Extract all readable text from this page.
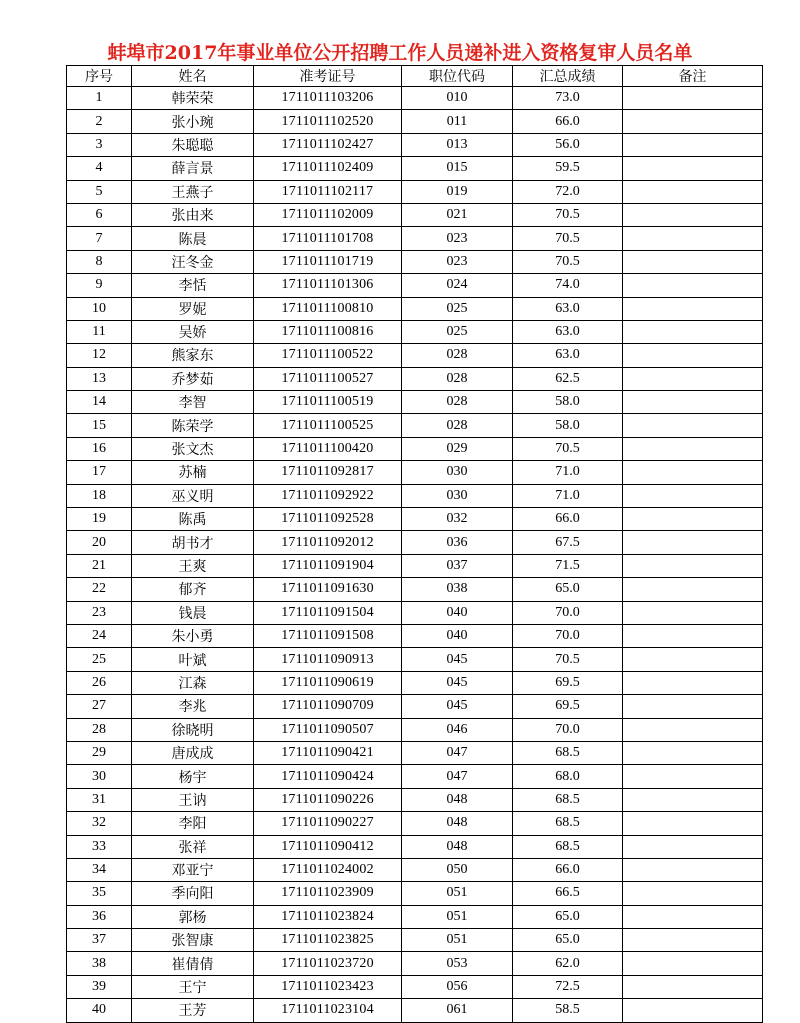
蚌埠市2017年事业单位公开招聘工作人员递补进入资格复审人员名单
序号	姓名	准考证号	职位代码	汇总成绩	备注
1	韩荣荣	1711011103206	010	73.0	
2	张小琬	1711011102520	011	66.0	
3	朱聪聪	1711011102427	013	56.0	
4	薛言景	1711011102409	015	59.5	
5	王燕子	1711011102117	019	72.0	
6	张由来	1711011102009	021	70.5	
7	陈晨	1711011101708	023	70.5	
8	汪冬金	1711011101719	023	70.5	
9	李恬	1711011101306	024	74.0	
10	罗妮	1711011100810	025	63.0	
11	吴娇	1711011100816	025	63.0	
12	熊家东	1711011100522	028	63.0	
13	乔梦茹	1711011100527	028	62.5	
14	李智	1711011100519	028	58.0	
15	陈荣学	1711011100525	028	58.0	
16	张文杰	1711011100420	029	70.5	
17	苏楠	1711011092817	030	71.0	
18	巫义明	1711011092922	030	71.0	
19	陈禹	1711011092528	032	66.0	
20	胡书才	1711011092012	036	67.5	
21	王爽	1711011091904	037	71.5	
22	郁齐	1711011091630	038	65.0	
23	钱晨	1711011091504	040	70.0	
24	朱小勇	1711011091508	040	70.0	
25	叶斌	1711011090913	045	70.5	
26	江森	1711011090619	045	69.5	
27	李兆	1711011090709	045	69.5	
28	徐晓明	1711011090507	046	70.0	
29	唐成成	1711011090421	047	68.5	
30	杨宇	1711011090424	047	68.0	
31	王讷	1711011090226	048	68.5	
32	李阳	1711011090227	048	68.5	
33	张祥	1711011090412	048	68.5	
34	邓亚宁	1711011024002	050	66.0	
35	季向阳	1711011023909	051	66.5	
36	郭杨	1711011023824	051	65.0	
37	张智康	1711011023825	051	65.0	
38	崔倩倩	1711011023720	053	62.0	
39	王宁	1711011023423	056	72.5	
40	王芳	1711011023104	061	58.5	
